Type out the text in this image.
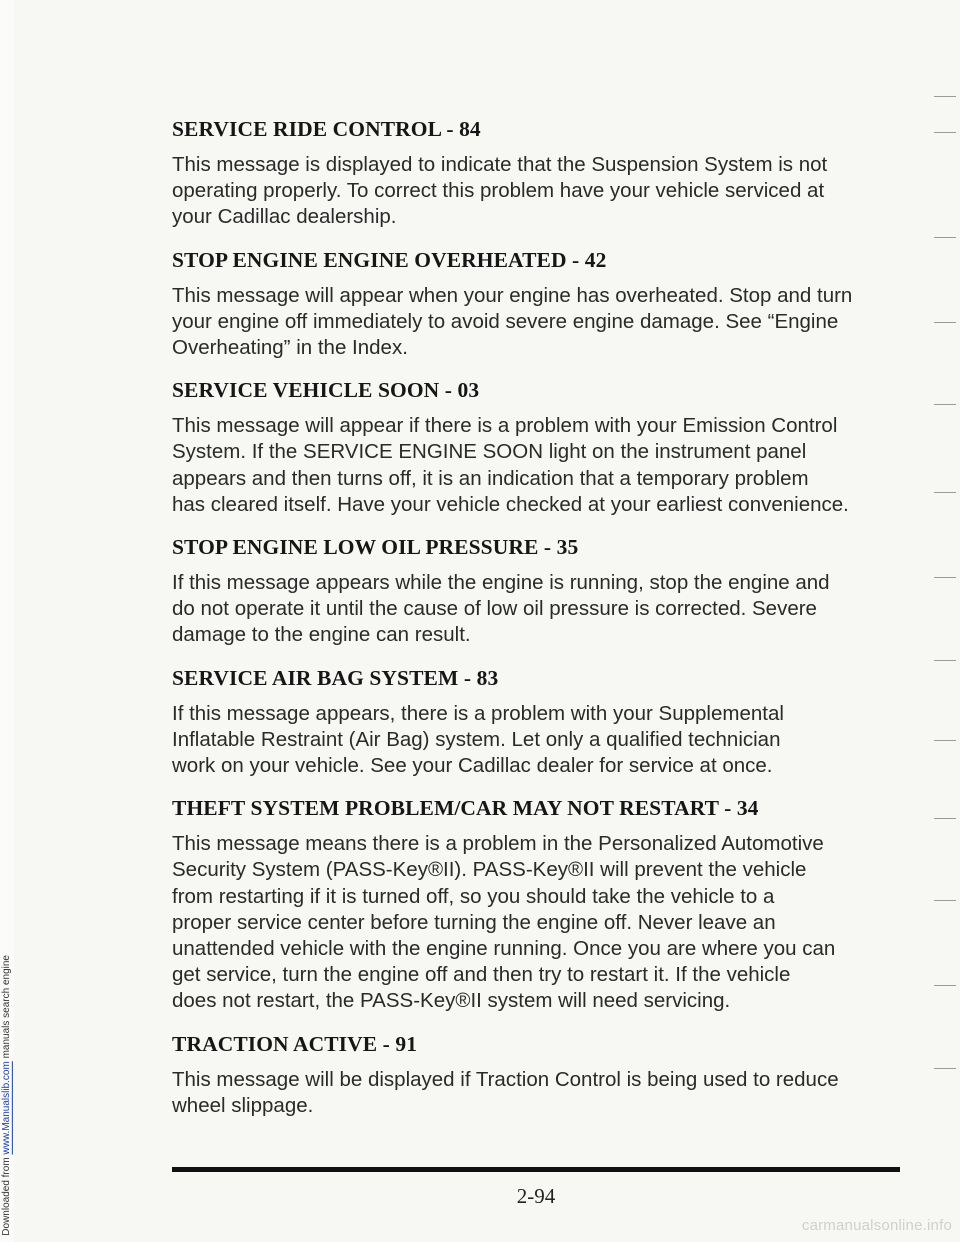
Downloaded from www.Manualslib.com manuals search engine
SERVICE RIDE CONTROL - 84

This message is displayed to indicate that the Suspension System is not
operating properly. To correct this problem have your vehicle serviced at
your Cadillac dealership.

STOP ENGINE ENGINE OVERHEATED - 42

This message will appear when your engine has overheated. Stop and turn
your engine off immediately to avoid severe engine damage. See “Engine
Overheating” in the Index.

SERVICE VEHICLE SOON - 03

This message will appear if there is a problem with your Emission Control
System. If the SERVICE ENGINE SOON light on the instrument panel
appears and then turns off, it is an indication that a temporary problem
has cleared itself. Have your vehicle checked at your earliest convenience.

STOP ENGINE LOW OIL PRESSURE - 35

If this message appears while the engine is running, stop the engine and
do not operate it until the cause of low oil pressure is corrected. Severe
damage to the engine can result.

SERVICE AIR BAG SYSTEM - 83

If this message appears, there is a problem with your Supplemental
Inflatable Restraint (Air Bag) system. Let only a qualified technician
work on your vehicle. See your Cadillac dealer for service at once.

THEFT SYSTEM PROBLEM/CAR MAY NOT RESTART - 34

This message means there is a problem in the Personalized Automotive
Security System (PASS-Key®II). PASS-Key®II will prevent the vehicle
from restarting if it is turned off, so you should take the vehicle to a
proper service center before turning the engine off. Never leave an
unattended vehicle with the engine running. Once you are where you can
get service, turn the engine off and then try to restart it. If the vehicle
does not restart, the PASS-Key®II system will need servicing.

TRACTION ACTIVE - 91

This message will be displayed if Traction Control is being used to reduce
wheel slippage.

2-94
carmanualsonline.info
